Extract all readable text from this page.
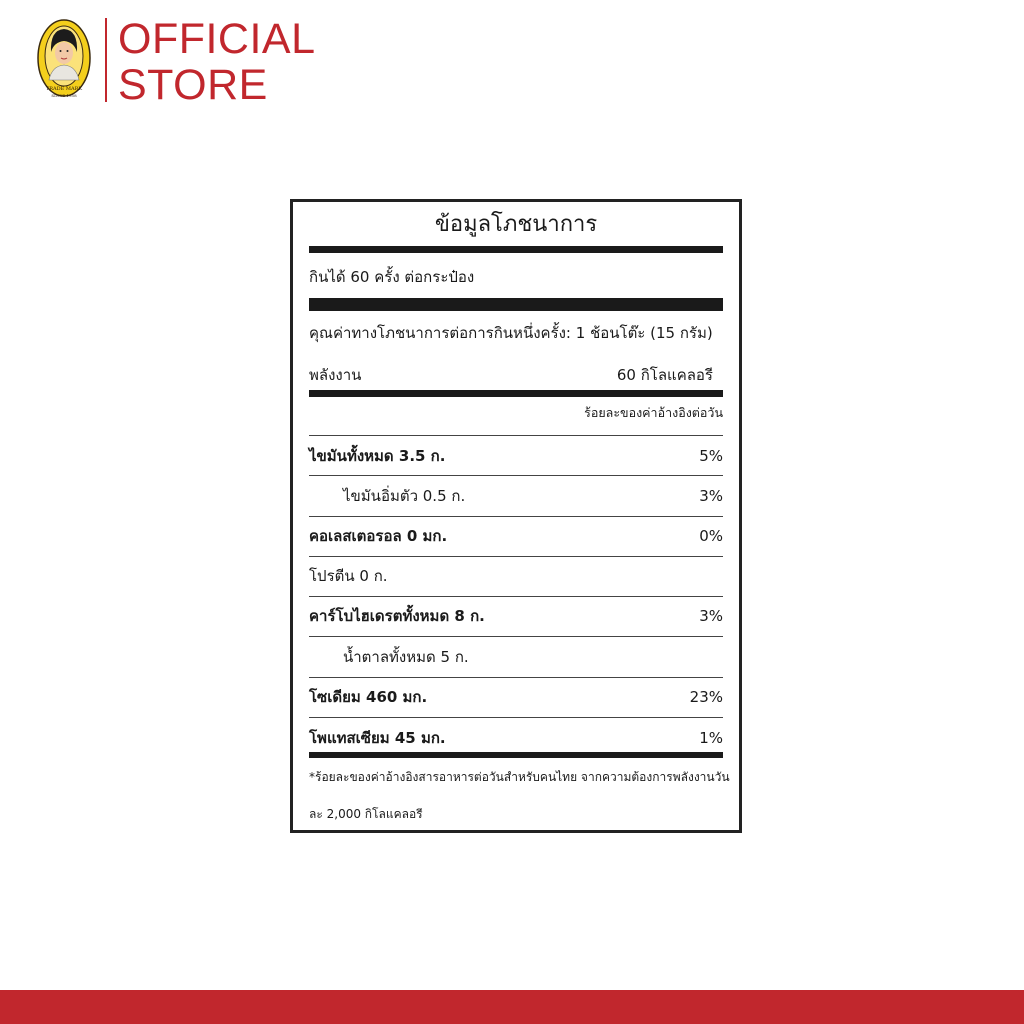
TRADE MARK
SINCE 1958
OFFICIAL
STORE
ข้อมูลโภชนาการ
กินได้ 60 ครั้ง ต่อกระป๋อง
คุณค่าทางโภชนาการต่อการกินหนึ่งครั้ง: 1 ช้อนโต๊ะ (15 กรัม)
พลังงาน	60 กิโลแคลอรี
ร้อยละของค่าอ้างอิงต่อวัน
ไขมันทั้งหมด 3.5 ก.	5%
ไขมันอิ่มตัว 0.5 ก.	3%
คอเลสเตอรอล 0 มก.	0%
โปรตีน 0 ก.
คาร์โบไฮเดรตทั้งหมด 8 ก.	3%
น้ำตาลทั้งหมด 5 ก.
โซเดียม 460 มก.	23%
โพแทสเซียม 45 มก.	1%
*ร้อยละของค่าอ้างอิงสารอาหารต่อวันสำหรับคนไทย จากความต้องการพลังงานวัน
ละ 2,000 กิโลแคลอรี
